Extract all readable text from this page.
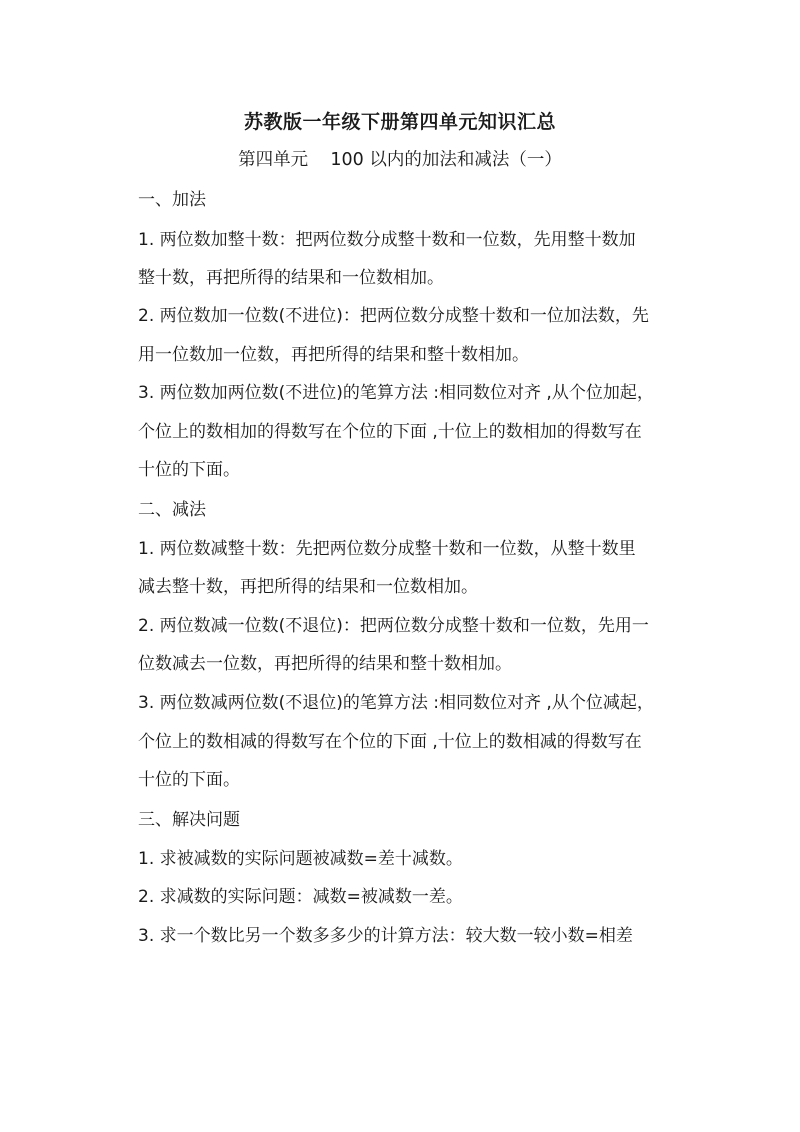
苏教版一年级下册第四单元知识汇总
第四单元    100 以内的加法和减法（一）
一、加法
1. 两位数加整十数：把两位数分成整十数和一位数，先用整十数加
整十数，再把所得的结果和一位数相加。
2. 两位数加一位数(不进位)：把两位数分成整十数和一位加法数，先
用一位数加一位数，再把所得的结果和整十数相加。
3. 两位数加两位数(不进位)的笔算方法 :相同数位对齐 ,从个位加起，
个位上的数相加的得数写在个位的下面 ,十位上的数相加的得数写在
十位的下面。
二、减法
1. 两位数减整十数：先把两位数分成整十数和一位数，从整十数里
减去整十数，再把所得的结果和一位数相加。
2. 两位数减一位数(不退位)：把两位数分成整十数和一位数，先用一
位数减去一位数，再把所得的结果和整十数相加。
3. 两位数减两位数(不退位)的笔算方法 :相同数位对齐 ,从个位减起，
个位上的数相减的得数写在个位的下面 ,十位上的数相减的得数写在
十位的下面。
三、解决问题
1. 求被减数的实际问题被减数=差十减数。
2. 求减数的实际问题：减数=被减数一差。
3. 求一个数比另一个数多多少的计算方法：较大数一较小数=相差
